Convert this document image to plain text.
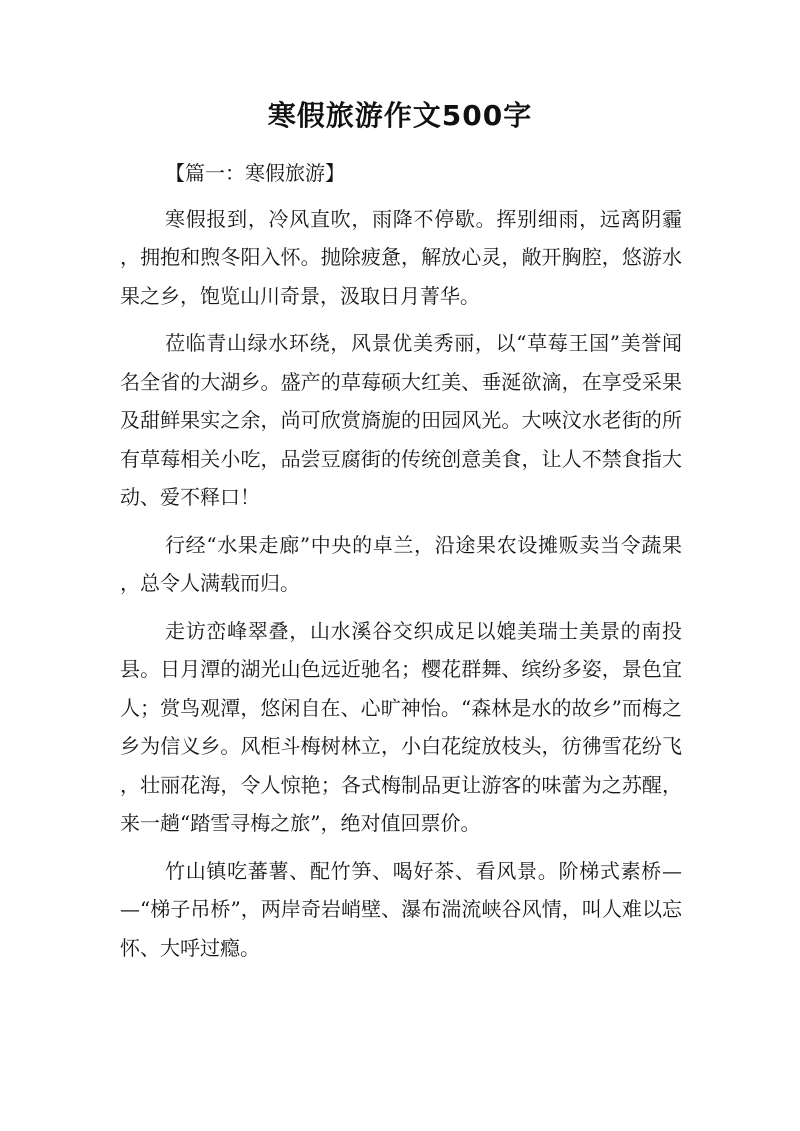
寒假旅游作文500字

【篇一：寒假旅游】

寒假报到，冷风直吹，雨降不停歇。挥别细雨，远离阴霾，拥抱和煦冬阳入怀。抛除疲惫，解放心灵，敞开胸腔，悠游水果之乡，饱览山川奇景，汲取日月菁华。

莅临青山绿水环绕，风景优美秀丽，以“草莓王国”美誉闻名全省的大湖乡。盛产的草莓硕大红美、垂涎欲滴，在享受采果及甜鲜果实之余，尚可欣赏旖旎的田园风光。大唊汶水老街的所有草莓相关小吃，品尝豆腐街的传统创意美食，让人不禁食指大动、爱不释口！

行经“水果走廊”中央的卓兰，沿途果农设摊贩卖当令蔬果，总令人满载而归。

走访峦峰翠叠，山水溪谷交织成足以媲美瑞士美景的南投县。日月潭的湖光山色远近驰名；樱花群舞、缤纷多姿，景色宜人；赏鸟观潭，悠闲自在、心旷神怡。“森林是水的故乡”而梅之乡为信义乡。风柜斗梅树林立，小白花绽放枝头，彷彿雪花纷飞，壮丽花海，令人惊艳；各式梅制品更让游客的味蕾为之苏醒，来一趟“踏雪寻梅之旅”，绝对值回票价。

竹山镇吃蕃薯、配竹笋、喝好茶、看风景。阶梯式素桥——“梯子吊桥”，两岸奇岩峭壁、瀑布湍流峡谷风情，叫人难以忘怀、大呼过瘾。
